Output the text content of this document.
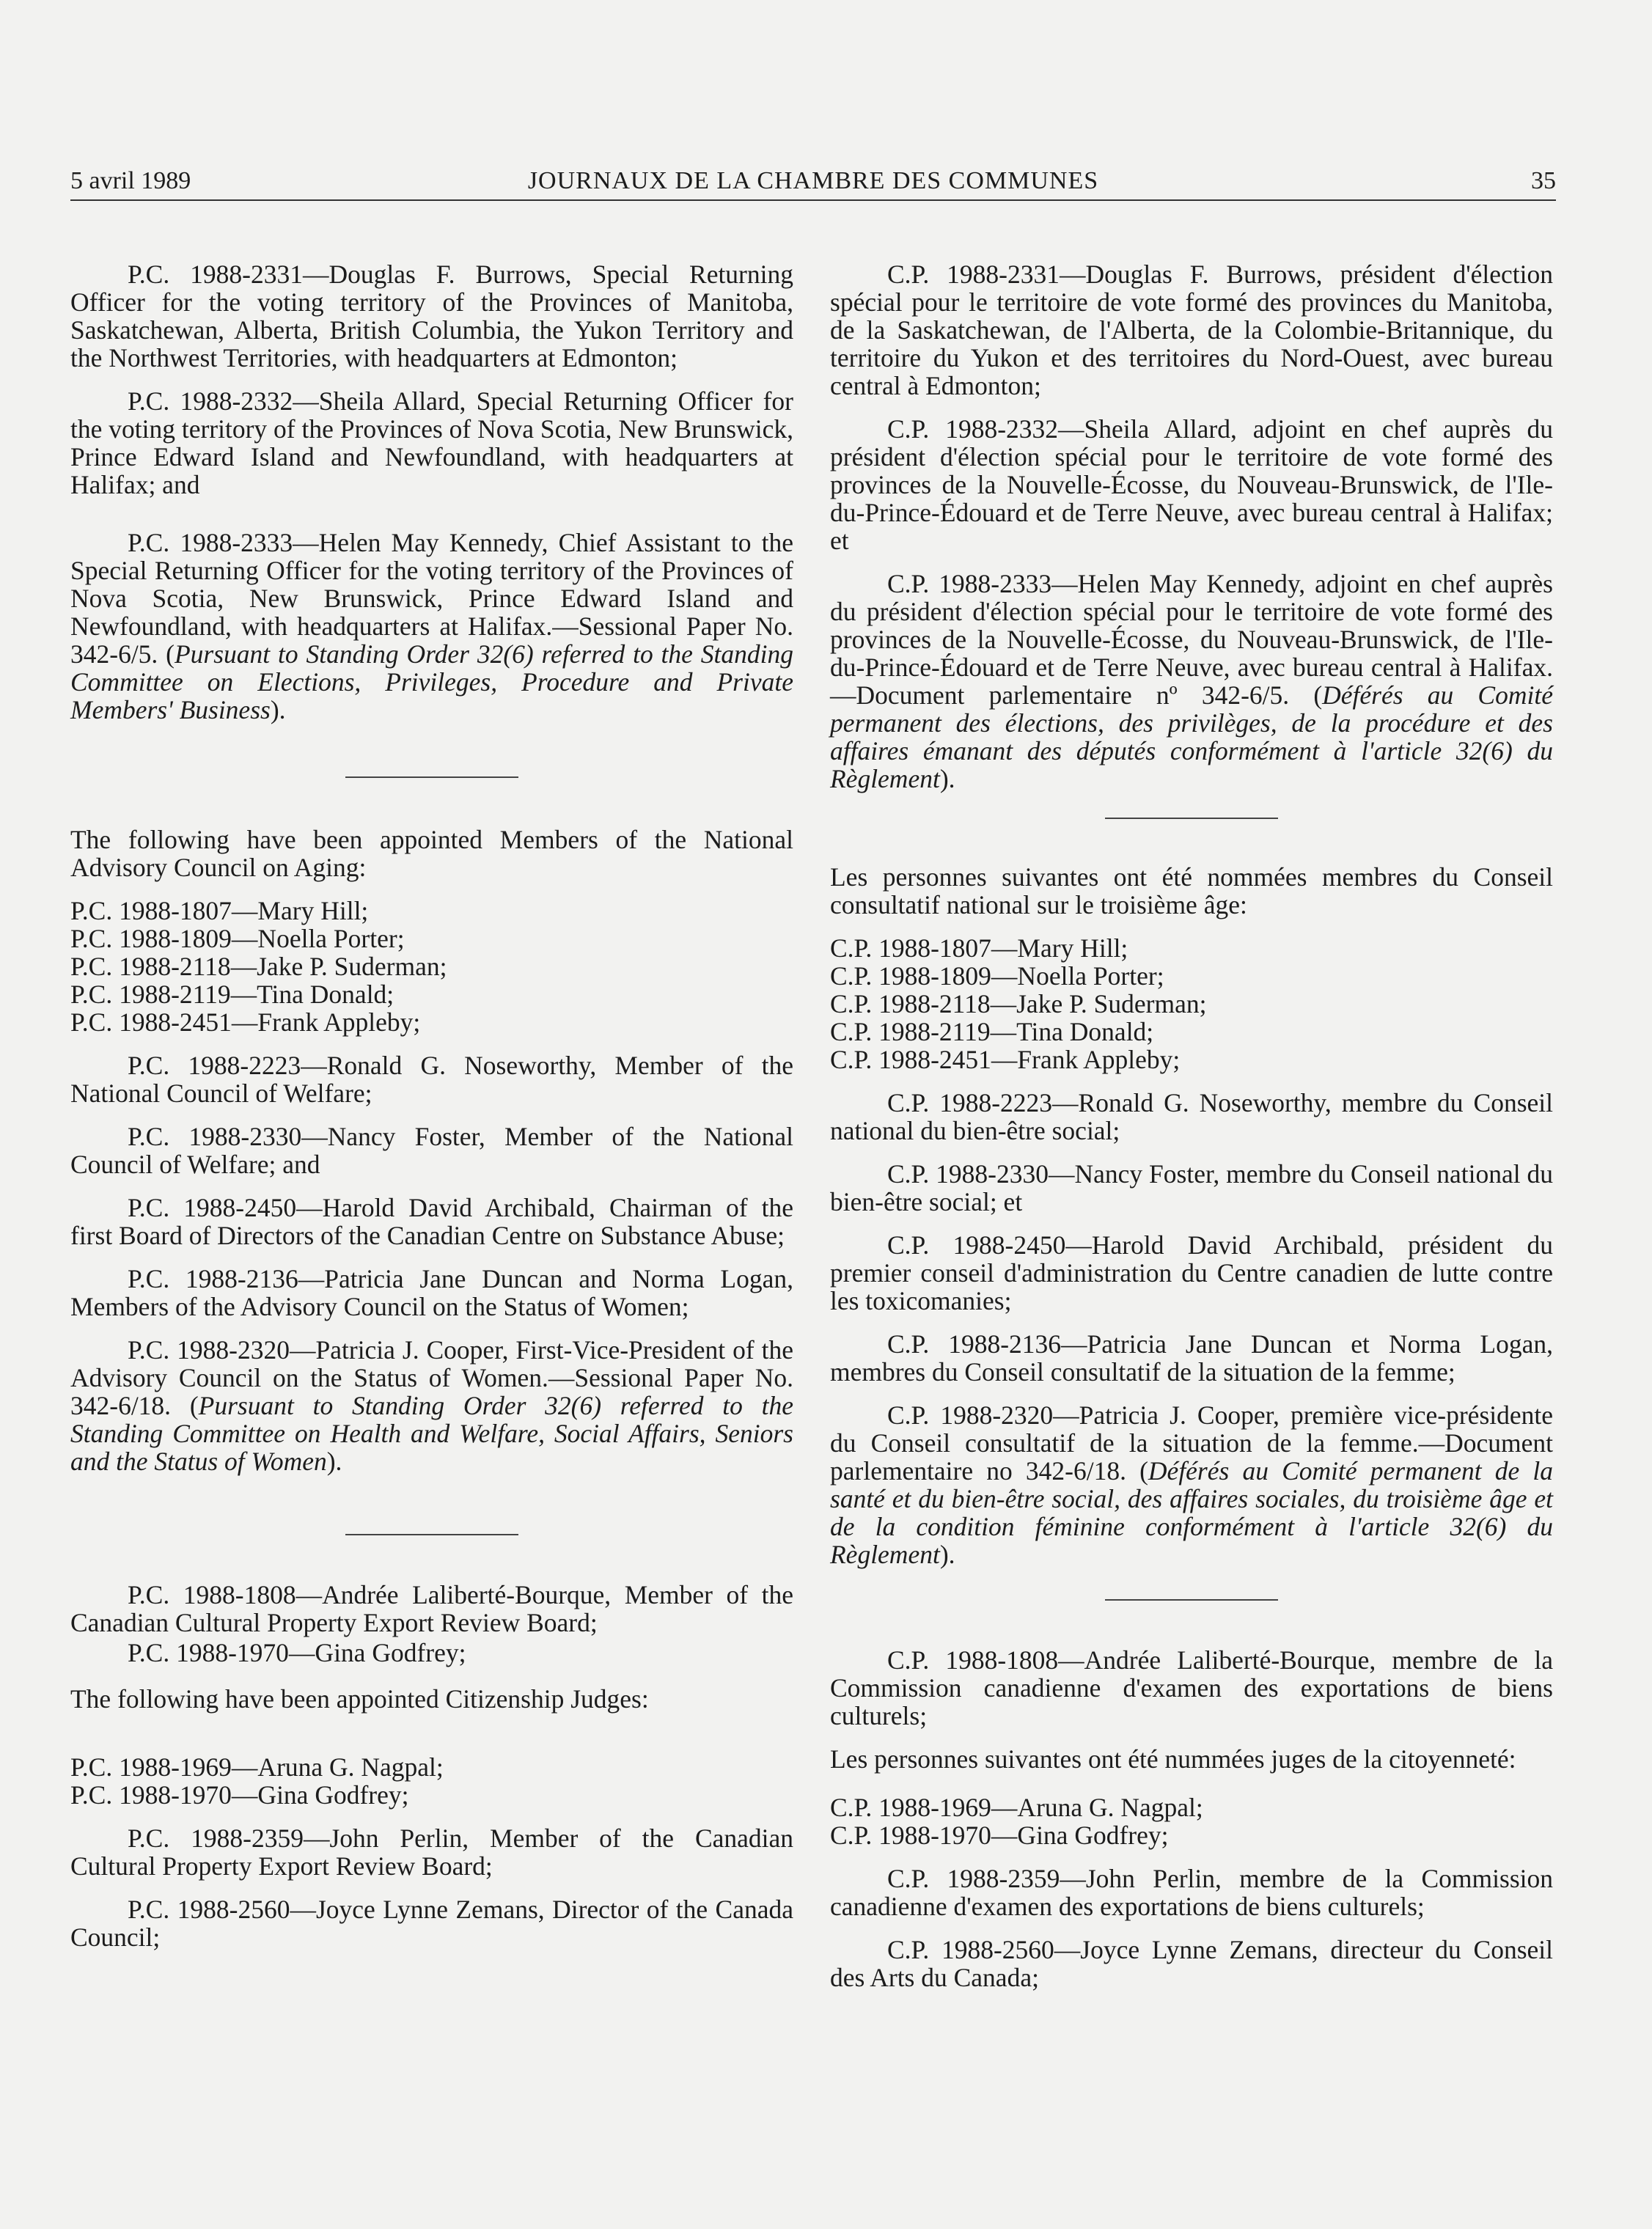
5 avril 1989	JOURNAUX DE LA CHAMBRE DES COMMUNES	35

P.C. 1988-2331—Douglas F. Burrows, Special Returning Officer for the voting territory of the Provinces of Manitoba, Saskatchewan, Alberta, British Columbia, the Yukon Territory and the Northwest Territories, with headquarters at Edmonton;

P.C. 1988-2332—Sheila Allard, Special Returning Officer for the voting territory of the Provinces of Nova Scotia, New Brunswick, Prince Edward Island and Newfoundland, with headquarters at Halifax; and

P.C. 1988-2333—Helen May Kennedy, Chief Assistant to the Special Returning Officer for the voting territory of the Provinces of Nova Scotia, New Brunswick, Prince Edward Island and Newfoundland, with headquarters at Halifax.—Sessional Paper No. 342-6/5. (Pursuant to Standing Order 32(6) referred to the Standing Committee on Elections, Privileges, Procedure and Private Members' Business).

The following have been appointed Members of the National Advisory Council on Aging:

P.C. 1988-1807—Mary Hill;

P.C. 1988-1809—Noella Porter;

P.C. 1988-2118—Jake P. Suderman;

P.C. 1988-2119—Tina Donald;

P.C. 1988-2451—Frank Appleby;

P.C. 1988-2223—Ronald G. Noseworthy, Member of the National Council of Welfare;

P.C. 1988-2330—Nancy Foster, Member of the National Council of Welfare; and

P.C. 1988-2450—Harold David Archibald, Chairman of the first Board of Directors of the Canadian Centre on Substance Abuse;

P.C. 1988-2136—Patricia Jane Duncan and Norma Logan, Members of the Advisory Council on the Status of Women;

P.C. 1988-2320—Patricia J. Cooper, First-Vice-President of the Advisory Council on the Status of Women.—Sessional Paper No. 342-6/18. (Pursuant to Standing Order 32(6) referred to the Standing Committee on Health and Welfare, Social Affairs, Seniors and the Status of Women).

P.C. 1988-1808—Andrée Laliberté-Bourque, Member of the Canadian Cultural Property Export Review Board;

P.C. 1988-1970—Gina Godfrey;

The following have been appointed Citizenship Judges:

P.C. 1988-1969—Aruna G. Nagpal;

P.C. 1988-1970—Gina Godfrey;

P.C. 1988-2359—John Perlin, Member of the Canadian Cultural Property Export Review Board;

P.C. 1988-2560—Joyce Lynne Zemans, Director of the Canada Council;

C.P. 1988-2331—Douglas F. Burrows, président d'élection spécial pour le territoire de vote formé des provinces du Manitoba, de la Saskatchewan, de l'Alberta, de la Colombie-Britannique, du territoire du Yukon et des territoires du Nord-Ouest, avec bureau central à Edmonton;

C.P. 1988-2332—Sheila Allard, adjoint en chef auprès du président d'élection spécial pour le territoire de vote formé des provinces de la Nouvelle-Écosse, du Nouveau-Brunswick, de l'Ile-du-Prince-Édouard et de Terre Neuve, avec bureau central à Halifax; et

C.P. 1988-2333—Helen May Kennedy, adjoint en chef auprès du président d'élection spécial pour le territoire de vote formé des provinces de la Nouvelle-Écosse, du Nouveau-Brunswick, de l'Ile-du-Prince-Édouard et de Terre Neuve, avec bureau central à Halifax.—Document parlementaire nº 342-6/5. (Déférés au Comité permanent des élections, des privilèges, de la procédure et des affaires émanant des députés conformément à l'article 32(6) du Règlement).

Les personnes suivantes ont été nommées membres du Conseil consultatif national sur le troisième âge:

C.P. 1988-1807—Mary Hill;

C.P. 1988-1809—Noella Porter;

C.P. 1988-2118—Jake P. Suderman;

C.P. 1988-2119—Tina Donald;

C.P. 1988-2451—Frank Appleby;

C.P. 1988-2223—Ronald G. Noseworthy, membre du Conseil national du bien-être social;

C.P. 1988-2330—Nancy Foster, membre du Conseil national du bien-être social; et

C.P. 1988-2450—Harold David Archibald, président du premier conseil d'administration du Centre canadien de lutte contre les toxicomanies;

C.P. 1988-2136—Patricia Jane Duncan et Norma Logan, membres du Conseil consultatif de la situation de la femme;

C.P. 1988-2320—Patricia J. Cooper, première vice-présidente du Conseil consultatif de la situation de la femme.—Document parlementaire no 342-6/18. (Déférés au Comité permanent de la santé et du bien-être social, des affaires sociales, du troisième âge et de la condition féminine conformément à l'article 32(6) du Règlement).

C.P. 1988-1808—Andrée Laliberté-Bourque, membre de la Commission canadienne d'examen des exportations de biens culturels;

Les personnes suivantes ont été nummées juges de la citoyenneté:

C.P. 1988-1969—Aruna G. Nagpal;

C.P. 1988-1970—Gina Godfrey;

C.P. 1988-2359—John Perlin, membre de la Commission canadienne d'examen des exportations de biens culturels;

C.P. 1988-2560—Joyce Lynne Zemans, directeur du Conseil des Arts du Canada;
